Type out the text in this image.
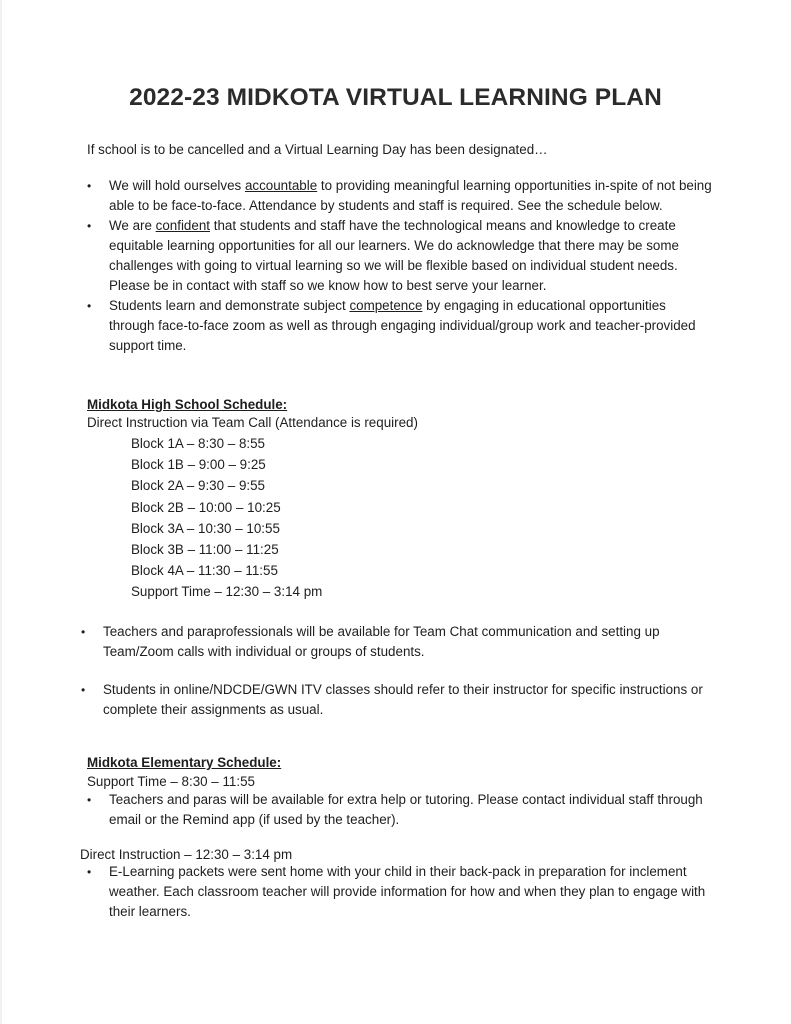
2022-23 MIDKOTA VIRTUAL LEARNING PLAN
If school is to be cancelled and a Virtual Learning Day has been designated…
• We will hold ourselves accountable to providing meaningful learning opportunities in-spite of not being able to be face-to-face. Attendance by students and staff is required. See the schedule below.
• We are confident that students and staff have the technological means and knowledge to create equitable learning opportunities for all our learners. We do acknowledge that there may be some challenges with going to virtual learning so we will be flexible based on individual student needs. Please be in contact with staff so we know how to best serve your learner.
• Students learn and demonstrate subject competence by engaging in educational opportunities through face-to-face zoom as well as through engaging individual/group work and teacher-provided support time.
Midkota High School Schedule:
Direct Instruction via Team Call (Attendance is required)
Block 1A – 8:30 – 8:55
Block 1B – 9:00 – 9:25
Block 2A – 9:30 – 9:55
Block 2B – 10:00 – 10:25
Block 3A – 10:30 – 10:55
Block 3B – 11:00 – 11:25
Block 4A – 11:30 – 11:55
Support Time – 12:30 – 3:14 pm
• Teachers and paraprofessionals will be available for Team Chat communication and setting up Team/Zoom calls with individual or groups of students.
• Students in online/NDCDE/GWN ITV classes should refer to their instructor for specific instructions or complete their assignments as usual.
Midkota Elementary Schedule:
Support Time – 8:30 – 11:55
• Teachers and paras will be available for extra help or tutoring. Please contact individual staff through email or the Remind app (if used by the teacher).
Direct Instruction – 12:30 – 3:14 pm
• E-Learning packets were sent home with your child in their back-pack in preparation for inclement weather. Each classroom teacher will provide information for how and when they plan to engage with their learners.
